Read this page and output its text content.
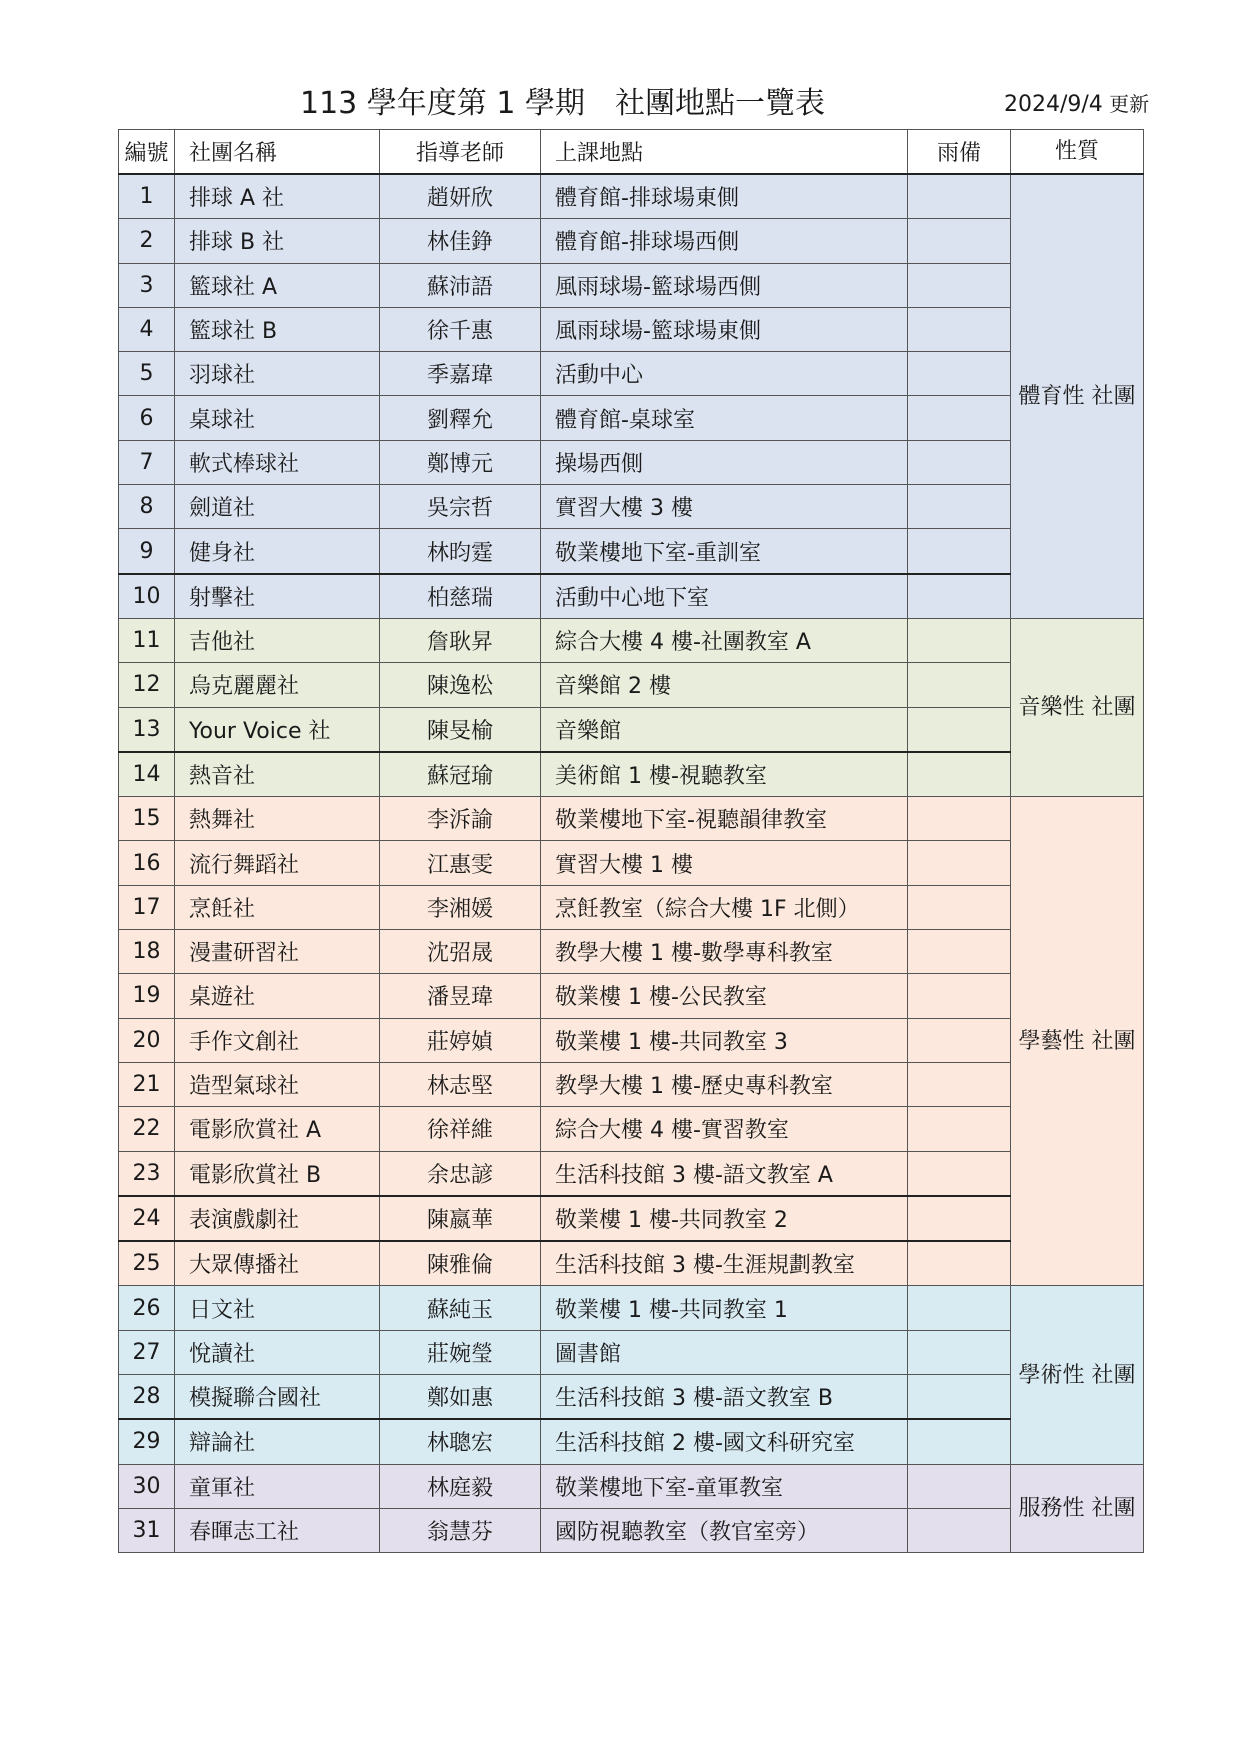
113 學年度第 1 學期　社團地點一覽表	2024/9/4 更新
編號	社團名稱	指導老師	上課地點	雨備	性質
1	排球 A 社	趙妍欣	體育館-排球場東側		體育性 社團
2	排球 B 社	林佳錚	體育館-排球場西側		
3	籃球社 A	蘇沛語	風雨球場-籃球場西側		
4	籃球社 B	徐千惠	風雨球場-籃球場東側		
5	羽球社	季嘉瑋	活動中心		
6	桌球社	劉釋允	體育館-桌球室		
7	軟式棒球社	鄭博元	操場西側		
8	劍道社	吳宗哲	實習大樓 3 樓		
9	健身社	林昀霆	敬業樓地下室-重訓室		
10	射擊社	柏慈瑞	活動中心地下室		
11	吉他社	詹耿昇	綜合大樓 4 樓-社團教室 A		音樂性 社團
12	烏克麗麗社	陳逸松	音樂館 2 樓		
13	Your Voice 社	陳旻榆	音樂館		
14	熱音社	蘇冠瑜	美術館 1 樓-視聽教室		
15	熱舞社	李泝諭	敬業樓地下室-視聽韻律教室		學藝性 社團
16	流行舞蹈社	江惠雯	實習大樓 1 樓		
17	烹飪社	李湘媛	烹飪教室（綜合大樓 1F 北側）		
18	漫畫研習社	沈弨晟	教學大樓 1 樓-數學專科教室		
19	桌遊社	潘昱瑋	敬業樓 1 樓-公民教室		
20	手作文創社	莊婷媜	敬業樓 1 樓-共同教室 3		
21	造型氣球社	林志堅	教學大樓 1 樓-歷史專科教室		
22	電影欣賞社 A	徐祥維	綜合大樓 4 樓-實習教室		
23	電影欣賞社 B	余忠諺	生活科技館 3 樓-語文教室 A		
24	表演戲劇社	陳嬴華	敬業樓 1 樓-共同教室 2		
25	大眾傳播社	陳雅倫	生活科技館 3 樓-生涯規劃教室		
26	日文社	蘇純玉	敬業樓 1 樓-共同教室 1		學術性 社團
27	悅讀社	莊婉瑩	圖書館		
28	模擬聯合國社	鄭如惠	生活科技館 3 樓-語文教室 B		
29	辯論社	林聰宏	生活科技館 2 樓-國文科研究室		
30	童軍社	林庭毅	敬業樓地下室-童軍教室		服務性 社團
31	春暉志工社	翁慧芬	國防視聽教室（教官室旁）		
